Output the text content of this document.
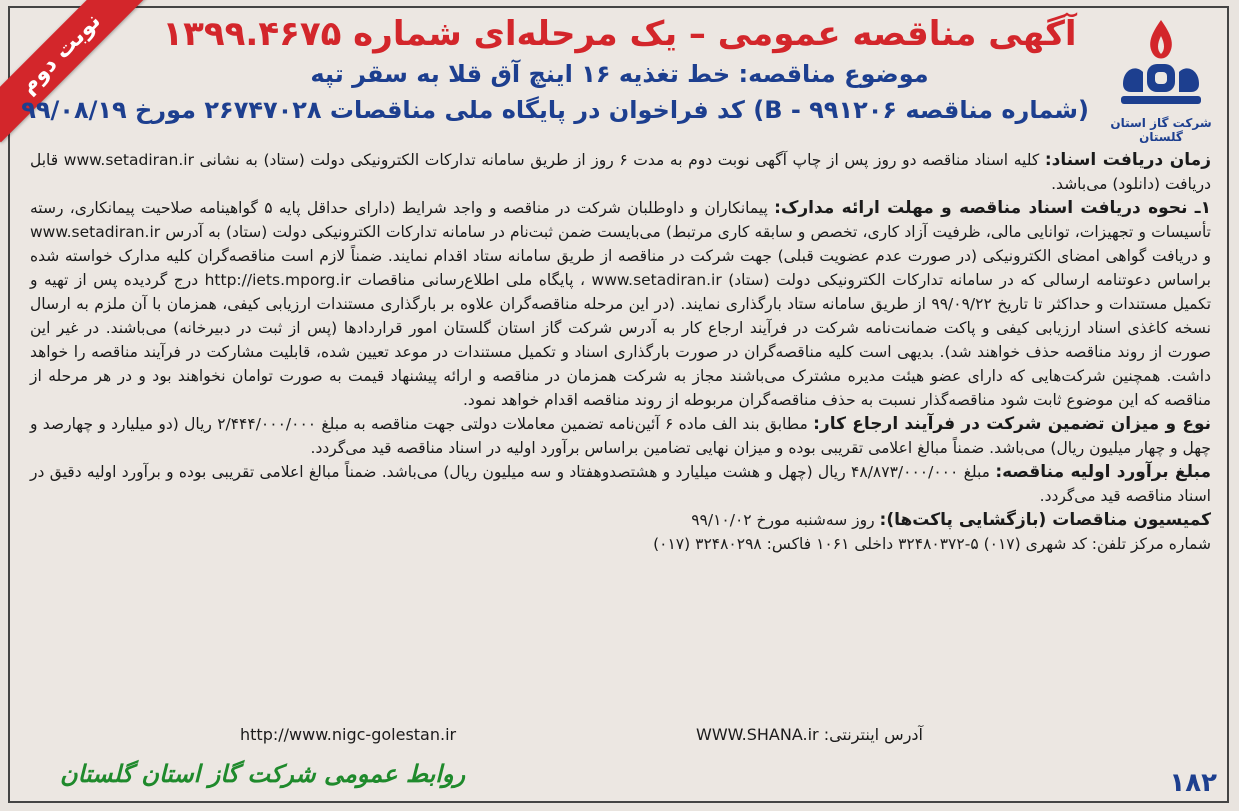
نوبت دوم
شرکت گاز استان گلستان
آگهی مناقصه عمومی – یک مرحله‌ای شماره ۱۳۹۹.۴۶۷۵
موضوع مناقصه: خط تغذیه ۱۶ اینچ آق قلا به سقر تپه
(شماره مناقصه B - ۹۹۱۲۰۶) کد فراخوان در پایگاه ملی مناقصات ۲۶۷۴۷۰۲۸ مورخ ۹۹/۰۸/۱۹

زمان دریافت اسناد: کلیه اسناد مناقصه دو روز پس از چاپ آگهی نوبت دوم به مدت ۶ روز از طریق سامانه تدارکات الکترونیکی دولت (ستاد) به نشانی www.setadiran.ir قابل دریافت (دانلود) می‌باشد.

۱ـ نحوه دریافت اسناد مناقصه و مهلت ارائه مدارک: پیمانکاران و داوطلبان شرکت در مناقصه و واجد شرایط (دارای حداقل پایه ۵ گواهینامه صلاحیت پیمانکاری، رسته تأسیسات و تجهیزات، توانایی مالی، ظرفیت آزاد کاری، تخصص و سابقه کاری مرتبط) می‌بایست ضمن ثبت‌نام در سامانه تدارکات الکترونیکی دولت (ستاد) به آدرس www.setadiran.ir و دریافت گواهی امضای الکترونیکی (در صورت عدم عضویت قبلی) جهت شرکت در مناقصه از طریق سامانه ستاد اقدام نمایند. ضمناً لازم است مناقصه‌گران کلیه مدارک خواسته شده براساس دعوتنامه ارسالی که در سامانه تدارکات الکترونیکی دولت (ستاد) www.setadiran.ir ، پایگاه ملی اطلاع‌رسانی مناقصات http://iets.mporg.ir درج گردیده پس از تهیه و تکمیل مستندات و حداکثر تا تاریخ ۹۹/۰۹/۲۲ از طریق سامانه ستاد بارگذاری نمایند. (در این مرحله مناقصه‌گران علاوه بر بارگذاری مستندات ارزیابی کیفی، همزمان با آن ملزم به ارسال نسخه کاغذی اسناد ارزیابی کیفی و پاکت ضمانت‌نامه شرکت در فرآیند ارجاع کار به آدرس شرکت گاز استان گلستان امور قراردادها (پس از ثبت در دبیرخانه) می‌باشند. در غیر این صورت از روند مناقصه حذف خواهند شد). بدیهی است کلیه مناقصه‌گران در صورت بارگذاری اسناد و تکمیل مستندات در موعد تعیین شده، قابلیت مشارکت در فرآیند مناقصه را خواهد داشت. همچنین شرکت‌هایی که دارای عضو هیئت مدیره مشترک می‌باشند مجاز به شرکت همزمان در مناقصه و ارائه پیشنهاد قیمت به صورت توامان نخواهند بود و در هر مرحله از مناقصه که این موضوع ثابت شود مناقصه‌گذار نسبت به حذف مناقصه‌گران مربوطه از روند مناقصه اقدام خواهد نمود.

نوع و میزان تضمین شرکت در فرآیند ارجاع کار: مطابق بند الف ماده ۶ آئین‌نامه تضمین معاملات دولتی جهت مناقصه به مبلغ ۲/۴۴۴/۰۰۰/۰۰۰ ریال (دو میلیارد و چهارصد و چهل و چهار میلیون ریال) می‌باشد. ضمناً مبالغ اعلامی تقریبی بوده و میزان نهایی تضامین براساس برآورد اولیه در اسناد مناقصه قید می‌گردد.

مبلغ برآورد اولیه مناقصه: مبلغ ۴۸/۸۷۳/۰۰۰/۰۰۰ ریال (چهل و هشت میلیارد و هشتصدوهفتاد و سه میلیون ریال) می‌باشد. ضمناً مبالغ اعلامی تقریبی بوده و برآورد اولیه دقیق در اسناد مناقصه قید می‌گردد.

کمیسیون مناقصات (بازگشایی پاکت‌ها): روز سه‌شنبه مورخ ۹۹/۱۰/۰۲

شماره مرکز تلفن: کد شهری (۰۱۷) ۵-۳۲۴۸۰۳۷۲ داخلی ۱۰۶۱ فاکس: ۳۲۴۸۰۲۹۸ (۰۱۷)

آدرس اینترنتی: WWW.SHANA.ir
http://www.nigc-golestan.ir
روابط عمومی شرکت گاز استان گلستان	۱۸۲
